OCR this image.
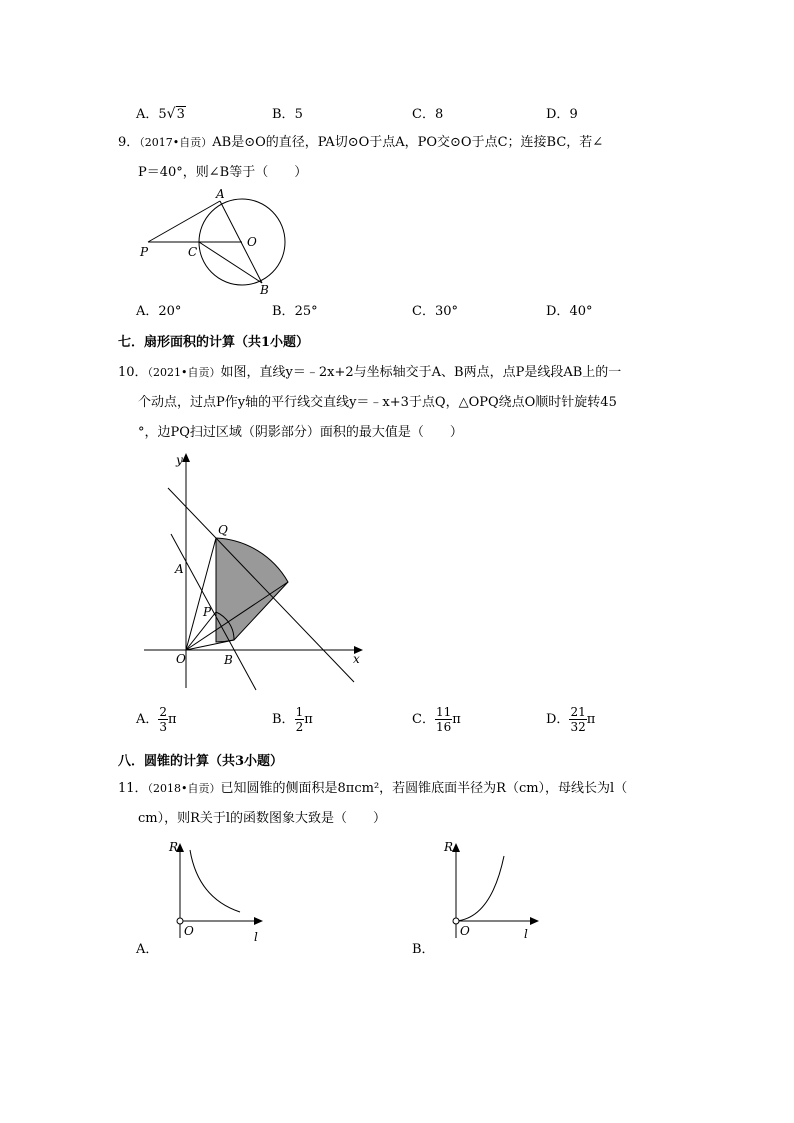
A．5√3	B．5	C．8	D．9
9．（2017•自贡）AB是⊙O的直径，PA切⊙O于点A，PO交⊙O于点C；连接BC，若∠
P＝40°，则∠B等于（　　）
A
O
P	C
B
A．20°	B．25°	C．30°	D．40°
七．扇形面积的计算（共1小题）
10．（2021•自贡）如图，直线y＝﹣2x+2与坐标轴交于A、B两点，点P是线段AB上的一
个动点，过点P作y轴的平行线交直线y＝﹣x+3于点Q，△OPQ绕点O顺时针旋转45
°，边PQ扫过区域（阴影部分）面积的最大值是（　　）
y
x
Q
A
P
O	B
A． $\frac{2}{3}$ π	B． $\frac{1}{2}$ π	C． $\frac{11}{16}$ π	D． $\frac{21}{32}$ π
八．圆锥的计算（共3小题）
11．（2018•自贡）已知圆锥的侧面积是8πcm²，若圆锥底面半径为R（cm），母线长为l（
cm），则R关于l的函数图象大致是（　　）
A．
R
l
O
B．
R
l
O
